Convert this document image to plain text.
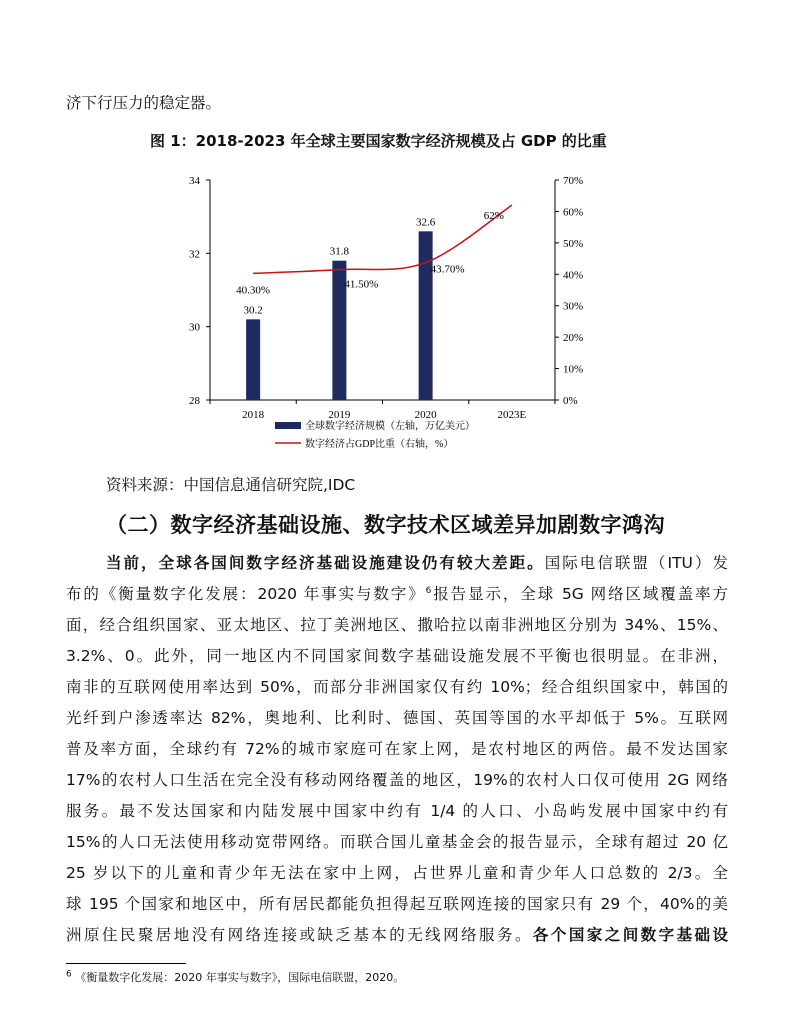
济下行压力的稳定器。
图 1：2018-2023 年全球主要国家数字经济规模及占 GDP 的比重
28
30
32
34
0%
10%
20%
30%
40%
50%
60%
70%
2018	2019	2020	2023E
30.2
31.8
32.6
40.30%	41.50%
43.70%
62%
全球数字经济规模（左轴，万亿美元）
数字经济占GDP比重（右轴，%）
资料来源：中国信息通信研究院,IDC
（二）数字经济基础设施、数字技术区域差异加剧数字鸿沟
当前，全球各国间数字经济基础设施建设仍有较大差距。国际电信联盟（ITU）发
布的《衡量数字化发展：2020 年事实与数字》$^6$报告显示，全球 5G 网络区域覆盖率方
面，经合组织国家、亚太地区、拉丁美洲地区、撒哈拉以南非洲地区分别为 34%、15%、
3.2%、0。此外，同一地区内不同国家间数字基础设施发展不平衡也很明显。在非洲，
南非的互联网使用率达到 50%，而部分非洲国家仅有约 10%；经合组织国家中，韩国的
光纤到户渗透率达 82%，奥地利、比利时、德国、英国等国的水平却低于 5%。互联网
普及率方面，全球约有 72%的城市家庭可在家上网，是农村地区的两倍。最不发达国家
17%的农村人口生活在完全没有移动网络覆盖的地区，19%的农村人口仅可使用 2G 网络
服务。最不发达国家和内陆发展中国家中约有 1/4 的人口、小岛屿发展中国家中约有
15%的人口无法使用移动宽带网络。而联合国儿童基金会的报告显示，全球有超过 20 亿
25 岁以下的儿童和青少年无法在家中上网，占世界儿童和青少年人口总数的 2/3。全
球 195 个国家和地区中，所有居民都能负担得起互联网连接的国家只有 29 个，40%的美
洲原住民聚居地没有网络连接或缺乏基本的无线网络服务。各个国家之间数字基础设
$^6$ 《衡量数字化发展：2020 年事实与数字》，国际电信联盟，2020。
